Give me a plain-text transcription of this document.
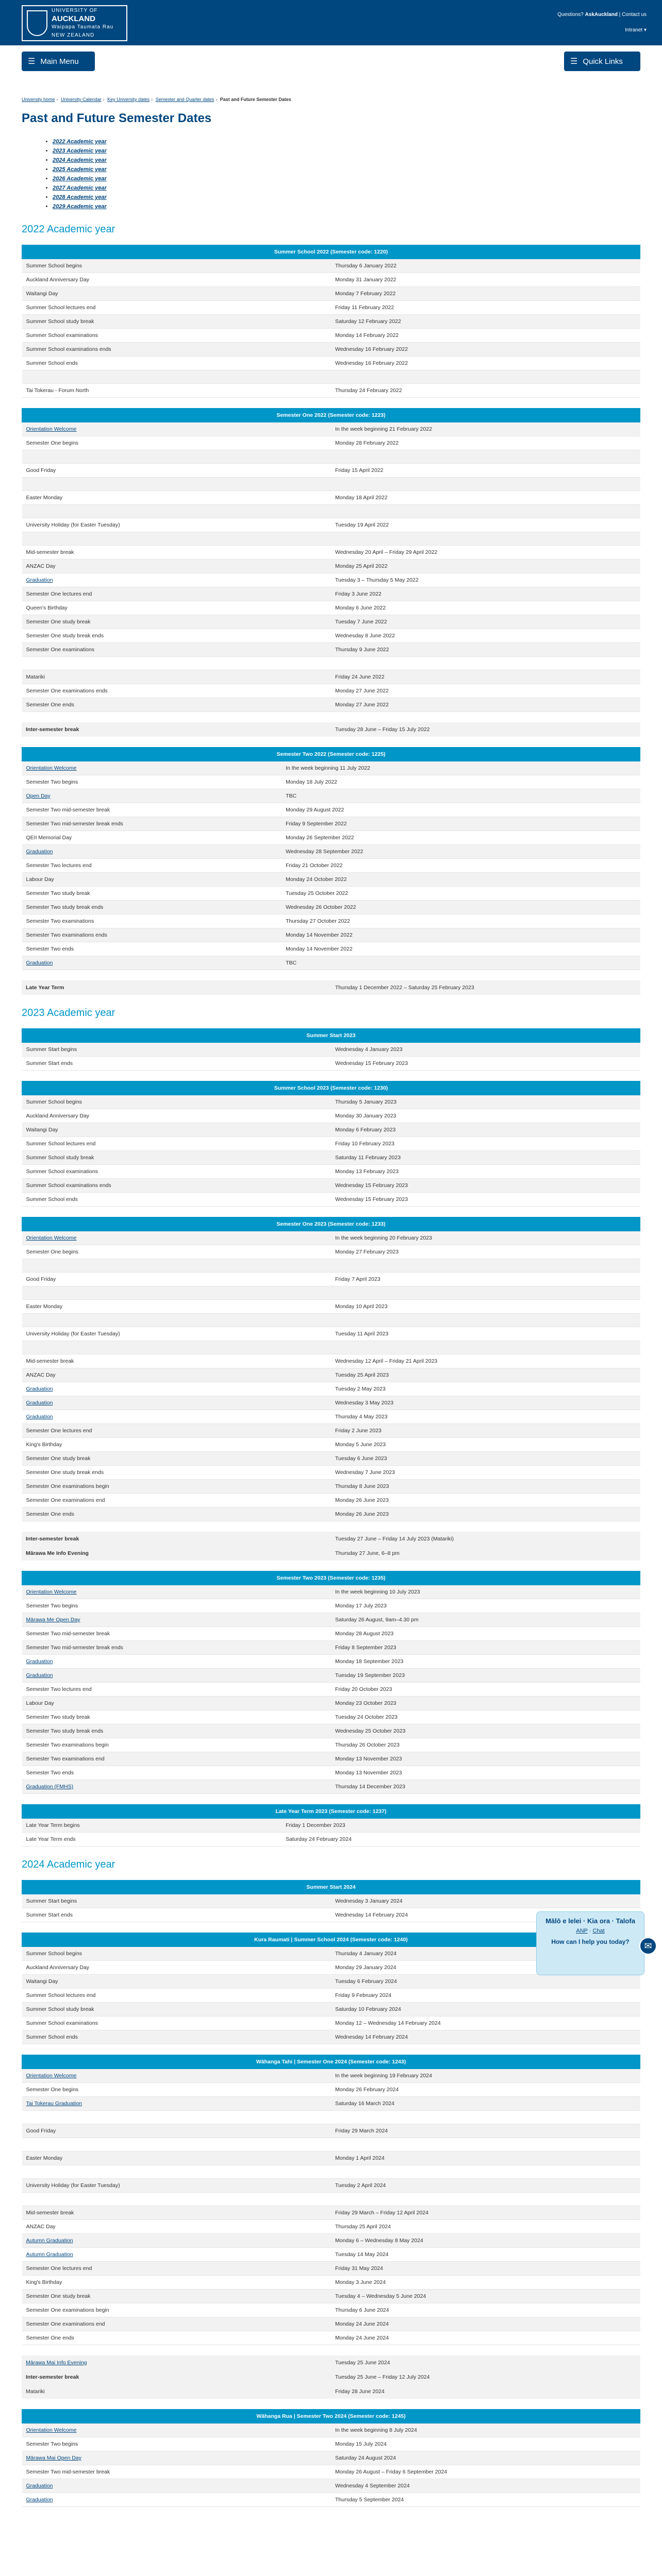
UNIVERSITY OF
AUCKLAND
Waipapa Taumata Rau
NEW ZEALAND
Questions? AskAuckland | Contact us
Intranet ▾
☰ Main Menu	☰ Quick Links
University home › University Calendar › Key University dates › Semester and Quarter dates › Past and Future Semester Dates
Past and Future Semester Dates
• 2022 Academic year
• 2023 Academic year
• 2024 Academic year
• 2025 Academic year
• 2026 Academic year
• 2027 Academic year
• 2028 Academic year
• 2029 Academic year
2022 Academic year
Summer School 2022 (Semester code: 1220)	
Summer School begins	Thursday 6 January 2022
Auckland Anniversary Day	Monday 31 January 2022
Waitangi Day	Monday 7 February 2022
Summer School lectures end	Friday 11 February 2022
Summer School study break	Saturday 12 February 2022
Summer School examinations	Monday 14 February 2022
Summer School examinations ends	Wednesday 16 February 2022
Summer School ends	Wednesday 16 February 2022

Tai Tokerau - Forum North	Thursday 24 February 2022
Semester One 2022 (Semester code: 1223)	
Orientation Welcome	In the week beginning 21 February 2022
Semester One begins	Monday 28 February 2022

Good Friday	Friday 15 April 2022

Easter Monday	Monday 18 April 2022

University Holiday (for Easter Tuesday)	Tuesday 19 April 2022

Mid-semester break	Wednesday 20 April – Friday 29 April 2022
ANZAC Day	Monday 25 April 2022
Graduation	Tuesday 3 – Thursday 5 May 2022
Semester One lectures end	Friday 3 June 2022
Queen's Birthday	Monday 6 June 2022
Semester One study break	Tuesday 7 June 2022
Semester One study break ends	Wednesday 8 June 2022
Semester One examinations	Thursday 9 June 2022

Matariki	Friday 24 June 2022
Semester One examinations ends	Monday 27 June 2022
Semester One ends	Monday 27 June 2022
Inter-semester break	Tuesday 28 June – Friday 15 July 2022
Semester Two 2022 (Semester code: 1225)	
Orientation Welcome	In the week beginning 11 July 2022
Semester Two begins	Monday 18 July 2022
Open Day	TBC
Semester Two mid-semester break	Monday 29 August 2022
Semester Two mid-semester break ends	Friday 9 September 2022
QEII Memorial Day	Monday 26 September 2022
Graduation	Wednesday 28 September 2022
Semester Two lectures end	Friday 21 October 2022
Labour Day	Monday 24 October 2022
Semester Two study break	Tuesday 25 October 2022
Semester Two study break ends	Wednesday 26 October 2022
Semester Two examinations	Thursday 27 October 2022
Semester Two examinations ends	Monday 14 November 2022
Semester Two ends	Monday 14 November 2022
Graduation	TBC
Late Year Term	Thursday 1 December 2022 – Saturday 25 February 2023
2023 Academic year
Summer Start 2023	
Summer Start begins	Wednesday 4 January 2023
Summer Start ends	Wednesday 15 February 2023
Summer School 2023 (Semester code: 1230)	
Summer School begins	Thursday 5 January 2023
Auckland Anniversary Day	Monday 30 January 2023
Waitangi Day	Monday 6 February 2023
Summer School lectures end	Friday 10 February 2023
Summer School study break	Saturday 11 February 2023
Summer School examinations	Monday 13 February 2023
Summer School examinations ends	Wednesday 15 February 2023
Summer School ends	Wednesday 15 February 2023
Semester One 2023 (Semester code: 1233)	
Orientation Welcome	In the week beginning 20 February 2023
Semester One begins	Monday 27 February 2023

Good Friday	Friday 7 April 2023

Easter Monday	Monday 10 April 2023

University Holiday (for Easter Tuesday)	Tuesday 11 April 2023

Mid-semester break	Wednesday 12 April – Friday 21 April 2023
ANZAC Day	Tuesday 25 April 2023
Graduation	Tuesday 2 May 2023
Graduation	Wednesday 3 May 2023
Graduation	Thursday 4 May 2023
Semester One lectures end	Friday 2 June 2023
King's Birthday	Monday 5 June 2023
Semester One study break	Tuesday 6 June 2023
Semester One study break ends	Wednesday 7 June 2023
Semester One examinations begin	Thursday 8 June 2023
Semester One examinations end	Monday 26 June 2023
Semester One ends	Monday 26 June 2023
Inter-semester break	Tuesday 27 June – Friday 14 July 2023 (Matariki)
Mārawa Me Info Evening	Thursday 27 June, 6–8 pm
Semester Two 2023 (Semester code: 1235)	
Orientation Welcome	In the week beginning 10 July 2023
Semester Two begins	Monday 17 July 2023
Mārawa Me Open Day	Saturday 26 August, 9am–4.30 pm
Semester Two mid-semester break	Monday 28 August 2023
Semester Two mid-semester break ends	Friday 8 September 2023
Graduation	Monday 18 September 2023
Graduation	Tuesday 19 September 2023
Semester Two lectures end	Friday 20 October 2023
Labour Day	Monday 23 October 2023
Semester Two study break	Tuesday 24 October 2023
Semester Two study break ends	Wednesday 25 October 2023
Semester Two examinations begin	Thursday 26 October 2023
Semester Two examinations end	Monday 13 November 2023
Semester Two ends	Monday 13 November 2023
Graduation (FMHS)	Thursday 14 December 2023
Late Year Term 2023 (Semester code: 1237)	
Late Year Term begins	Friday 1 December 2023
Late Year Term ends	Saturday 24 February 2024
2024 Academic year
Summer Start 2024	
Summer Start begins	Wednesday 3 January 2024
Summer Start ends	Wednesday 14 February 2024
Kura Raumati | Summer School 2024 (Semester code: 1240)	
Summer School begins	Thursday 4 January 2024
Auckland Anniversary Day	Monday 29 January 2024
Waitangi Day	Tuesday 6 February 2024
Summer School lectures end	Friday 9 February 2024
Summer School study break	Saturday 10 February 2024
Summer School examinations	Monday 12 – Wednesday 14 February 2024
Summer School ends	Wednesday 14 February 2024
Wāhanga Tahi | Semester One 2024 (Semester code: 1243)	
Orientation Welcome	In the week beginning 19 February 2024
Semester One begins	Monday 26 February 2024
Tai Tokerau Graduation	Saturday 16 March 2024

Good Friday	Friday 29 March 2024

Easter Monday	Monday 1 April 2024

University Holiday (for Easter Tuesday)	Tuesday 2 April 2024

Mid-semester break	Friday 29 March – Friday 12 April 2024
ANZAC Day	Thursday 25 April 2024
Autumn Graduation	Monday 6 – Wednesday 8 May 2024
Autumn Graduation	Tuesday 14 May 2024
Semester One lectures end	Friday 31 May 2024
King's Birthday	Monday 3 June 2024
Semester One study break	Tuesday 4 – Wednesday 5 June 2024
Semester One examinations begin	Thursday 6 June 2024
Semester One examinations end	Monday 24 June 2024
Semester One ends	Monday 24 June 2024
Mārawa Mai Info Evening	Tuesday 25 June 2024
Inter-semester break	Tuesday 25 June – Friday 12 July 2024
Matariki	Friday 28 June 2024
Wāhanga Rua | Semester Two 2024 (Semester code: 1245)	
Orientation Welcome	In the week beginning 8 July 2024
Semester Two begins	Monday 15 July 2024
Mārawa Mai Open Day	Saturday 24 August 2024
Semester Two mid-semester break	Monday 26 August – Friday 6 September 2024
Graduation	Wednesday 4 September 2024
Graduation	Thursday 5 September 2024
Mālō e lelei · Kia ora · Talofa
ANP · Chat
How can I help you today?	✉
